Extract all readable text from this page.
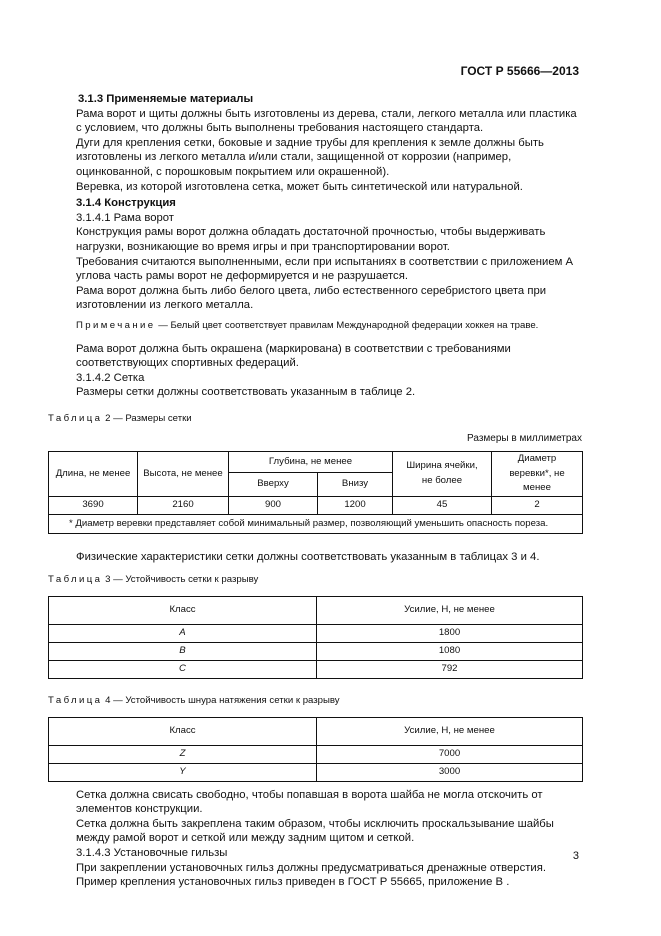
ГОСТ Р 55666—2013

3.1.3 Применяемые материалы

Рама ворот и щиты должны быть изготовлены из дерева, стали, легкого металла или пластика с условием, что должны быть выполнены требования настоящего стандарта.

Дуги для крепления сетки, боковые и задние трубы для крепления к земле должны быть изготовлены из легкого металла и/или стали, защищенной от коррозии (например, оцинкованной, с порошковым покрытием или окрашенной).

Веревка, из которой изготовлена сетка, может быть синтетической или натуральной.

3.1.4 Конструкция

3.1.4.1 Рама ворот

Конструкция рамы ворот должна обладать достаточной прочностью, чтобы выдерживать нагрузки, возникающие во время игры и при транспортировании ворот.

Требования считаются выполненными, если при испытаниях в соответствии с приложением А углова часть рамы ворот не деформируется и не разрушается.

Рама ворот должна быть либо белого цвета, либо естественного серебристого цвета при изготовлении из легкого металла.

Примечание — Белый цвет соответствует правилам Международной федерации хоккея на траве.

Рама ворот должна быть окрашена (маркирована) в соответствии с требованиями соответствующих спортивных федераций.

3.1.4.2 Сетка

Размеры сетки должны соответствовать указанным в таблице 2.

Таблица 2 — Размеры сетки

Размеры в миллиметрах

Длина, не менее	Высота, не менее	Глубина, не менее		Ширина ячейки, не более	Диаметр веревки*, не менее
		Вверху	Внизу		
3690	2160	900	1200	45	2
* Диаметр веревки представляет собой минимальный размер, позволяющий уменьшить опасность пореза.					

Физические характеристики сетки должны соответствовать указанным в таблицах 3 и 4.

Таблица 3 — Устойчивость сетки к разрыву

Класс	Усилие, Н, не менее
A	1800
B	1080
C	792

Таблица 4 — Устойчивость шнура натяжения сетки к разрыву

Класс	Усилие, Н, не менее
Z	7000
Y	3000

Сетка должна свисать свободно, чтобы попавшая в ворота шайба не могла отскочить от элементов конструкции.

Сетка должна быть закреплена таким образом, чтобы исключить проскальзывание шайбы между рамой ворот и сеткой или между задним щитом и сеткой.

3.1.4.3 Установочные гильзы

При закреплении установочных гильз должны предусматриваться дренажные отверстия.

Пример крепления установочных гильз приведен в ГОСТ Р 55665, приложение В .

3
